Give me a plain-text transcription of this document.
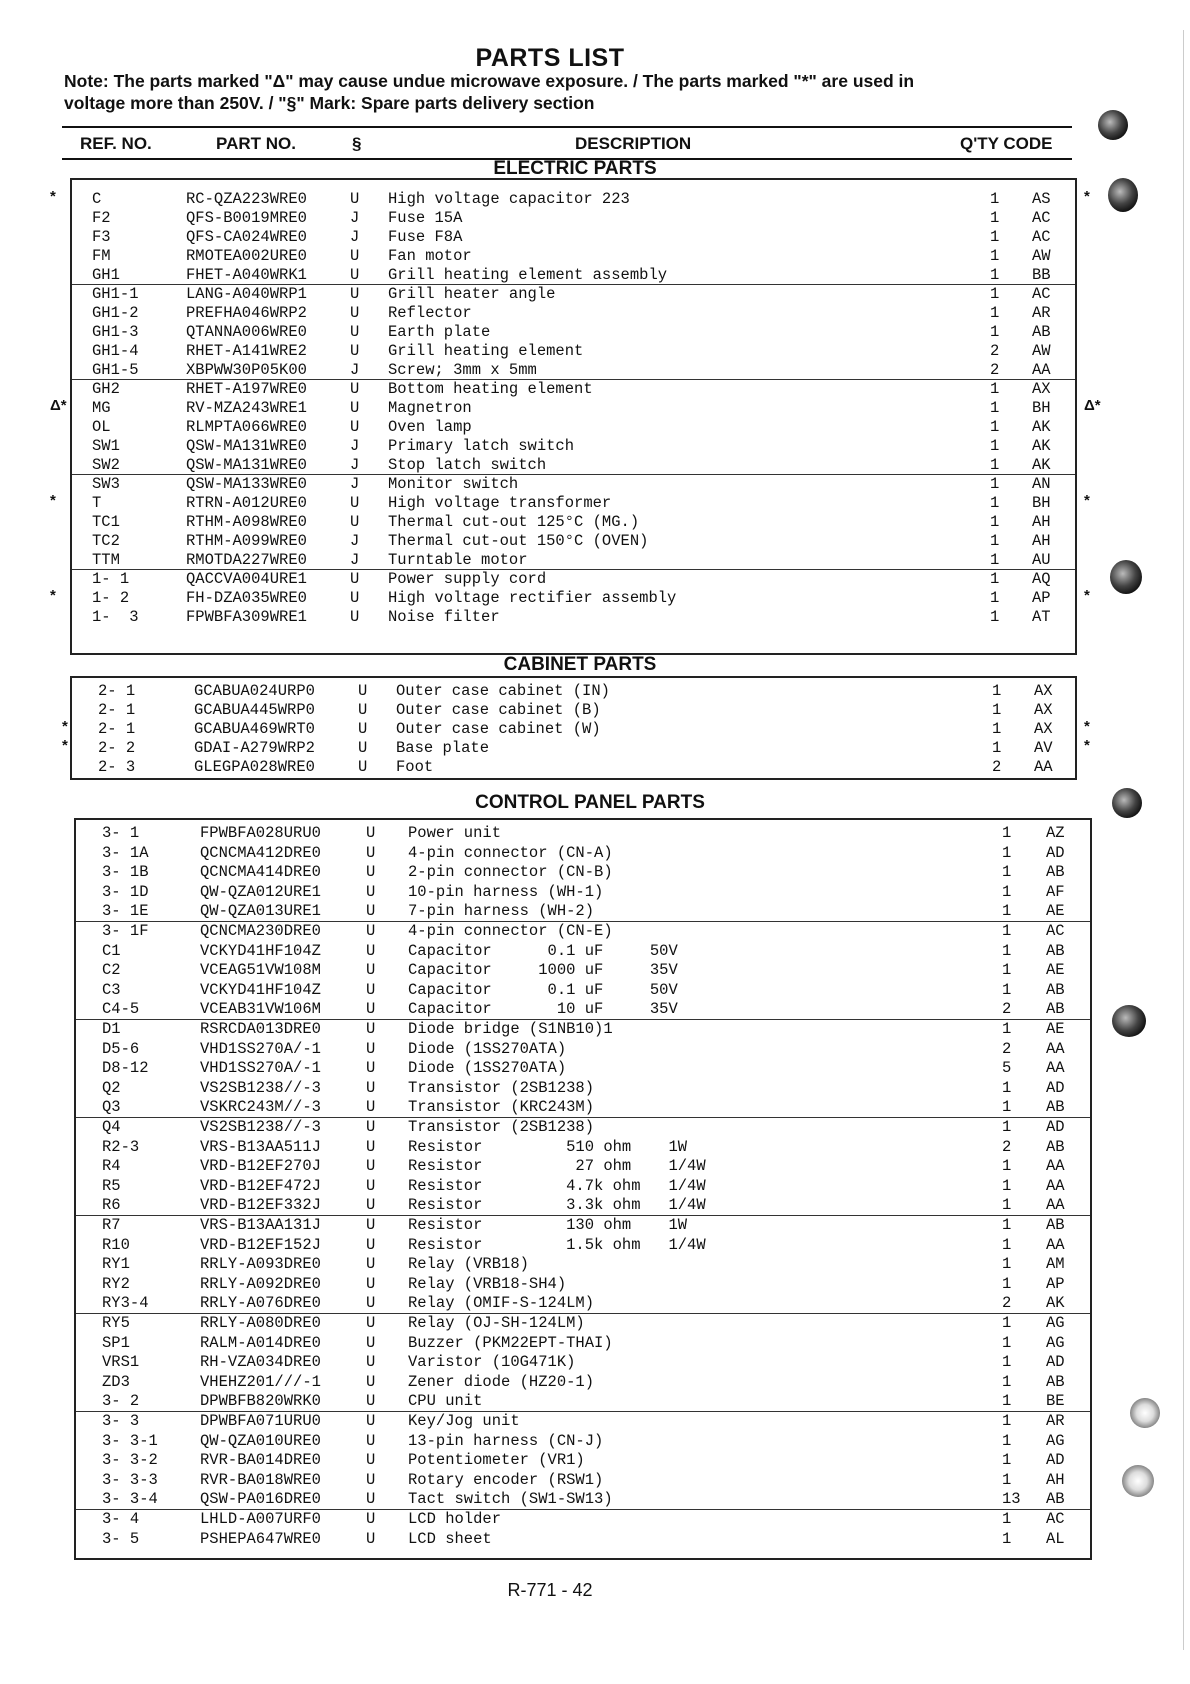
PARTS LIST
Note: The parts marked "Δ" may cause undue microwave exposure. / The parts marked "*" are used in
voltage more than 250V. / "§" Mark: Spare parts delivery section
REF. NO.	PART NO.	§	DESCRIPTION	Q'TY CODE
ELECTRIC PARTS
C	RC-QZA223WRE0	U High voltage capacitor 223	1 AS
F2	QFS-B0019MRE0	J Fuse 15A	1 AC
F3	QFS-CA024WRE0	J Fuse F8A	1 AC
FM	RMOTEA002URE0	U Fan motor	1 AW
GH1	FHET-A040WRK1	U Grill heating element assembly	1 BB
GH1-1	LANG-A040WRP1	U Grill heater angle	1 AC
GH1-2	PREFHA046WRP2	U Reflector	1 AR
GH1-3	QTANNA006WRE0	U Earth plate	1 AB
GH1-4	RHET-A141WRE2	U Grill heating element	2 AW
GH1-5	XBPWW30P05K00	J Screw; 3mm x 5mm	2 AA
GH2	RHET-A197WRE0	U Bottom heating element	1 AX
MG	RV-MZA243WRE1	U Magnetron	1 BH
OL	RLMPTA066WRE0	U Oven lamp	1 AK
SW1	QSW-MA131WRE0	J Primary latch switch	1 AK
SW2	QSW-MA131WRE0	J Stop latch switch	1 AK
SW3	QSW-MA133WRE0	J Monitor switch	1 AN
T	RTRN-A012URE0	U High voltage transformer	1 BH
TC1	RTHM-A098WRE0	U Thermal cut-out 125°C (MG.)	1 AH
TC2	RTHM-A099WRE0	J Thermal cut-out 150°C (OVEN)	1 AH
TTM	RMOTDA227WRE0	J Turntable motor	1 AU
1- 1	QACCVA004URE1	U Power supply cord	1 AQ
1- 2	FH-DZA035WRE0	U High voltage rectifier assembly	1 AP
1-  3	FPWBFA309WRE1	U Noise filter	1 AT
CABINET PARTS
2- 1	GCABUA024URP0	U Outer case cabinet (IN)	1 AX
2- 1	GCABUA445WRP0	U Outer case cabinet (B)	1 AX
2- 1	GCABUA469WRT0	U Outer case cabinet (W)	1 AX
2- 2	GDAI-A279WRP2	U Base plate	1 AV
2- 3	GLEGPA028WRE0	U Foot	2 AA
CONTROL PANEL PARTS
3- 1	FPWBFA028URU0	U Power unit	1 AZ
3- 1A	QCNCMA412DRE0	U 4-pin connector (CN-A)	1 AD
3- 1B	QCNCMA414DRE0	U 2-pin connector (CN-B)	1 AB
3- 1D	QW-QZA012URE1	U 10-pin harness (WH-1)	1 AF
3- 1E	QW-QZA013URE1	U 7-pin harness (WH-2)	1 AE
3- 1F	QCNCMA230DRE0	U 4-pin connector (CN-E)	1 AC
C1	VCKYD41HF104Z	U Capacitor      0.1 uF     50V	1 AB
C2	VCEAG51VW108M	U Capacitor     1000 uF     35V	1 AE
C3	VCKYD41HF104Z	U Capacitor      0.1 uF     50V	1 AB
C4-5	VCEAB31VW106M	U Capacitor       10 uF     35V	2 AB
D1	RSRCDA013DRE0	U Diode bridge (S1NB10)1	1 AE
D5-6	VHD1SS270A/-1	U Diode (1SS270ATA)	2 AA
D8-12	VHD1SS270A/-1	U Diode (1SS270ATA)	5 AA
Q2	VS2SB1238//-3	U Transistor (2SB1238)	1 AD
Q3	VSKRC243M//-3	U Transistor (KRC243M)	1 AB
Q4	VS2SB1238//-3	U Transistor (2SB1238)	1 AD
R2-3	VRS-B13AA511J	U Resistor         510 ohm    1W	2 AB
R4	VRD-B12EF270J	U Resistor          27 ohm    1/4W	1 AA
R5	VRD-B12EF472J	U Resistor         4.7k ohm   1/4W	1 AA
R6	VRD-B12EF332J	U Resistor         3.3k ohm   1/4W	1 AA
R7	VRS-B13AA131J	U Resistor         130 ohm    1W	1 AB
R10	VRD-B12EF152J	U Resistor         1.5k ohm   1/4W	1 AA
RY1	RRLY-A093DRE0	U Relay (VRB18)	1 AM
RY2	RRLY-A092DRE0	U Relay (VRB18-SH4)	1 AP
RY3-4	RRLY-A076DRE0	U Relay (OMIF-S-124LM)	2 AK
RY5	RRLY-A080DRE0	U Relay (OJ-SH-124LM)	1 AG
SP1	RALM-A014DRE0	U Buzzer (PKM22EPT-THAI)	1 AG
VRS1	RH-VZA034DRE0	U Varistor (10G471K)	1 AD
ZD3	VHEHZ201///-1	U Zener diode (HZ20-1)	1 AB
3- 2	DPWBFB820WRK0	U CPU unit	1 BE
3- 3	DPWBFA071URU0	U Key/Jog unit	1 AR
3- 3-1	QW-QZA010URE0	U 13-pin harness (CN-J)	1 AG
3- 3-2	RVR-BA014DRE0	U Potentiometer (VR1)	1 AD
3- 3-3	RVR-BA018WRE0	U Rotary encoder (RSW1)	1 AH
3- 3-4	QSW-PA016DRE0	U Tact switch (SW1-SW13)	13 AB
3- 4	LHLD-A007URF0	U LCD holder	1 AC
3- 5	PSHEPA647WRE0	U LCD sheet	1 AL
R-771 - 42
*	*
Δ*	Δ*
*	*
*	*
*	*
*	*
